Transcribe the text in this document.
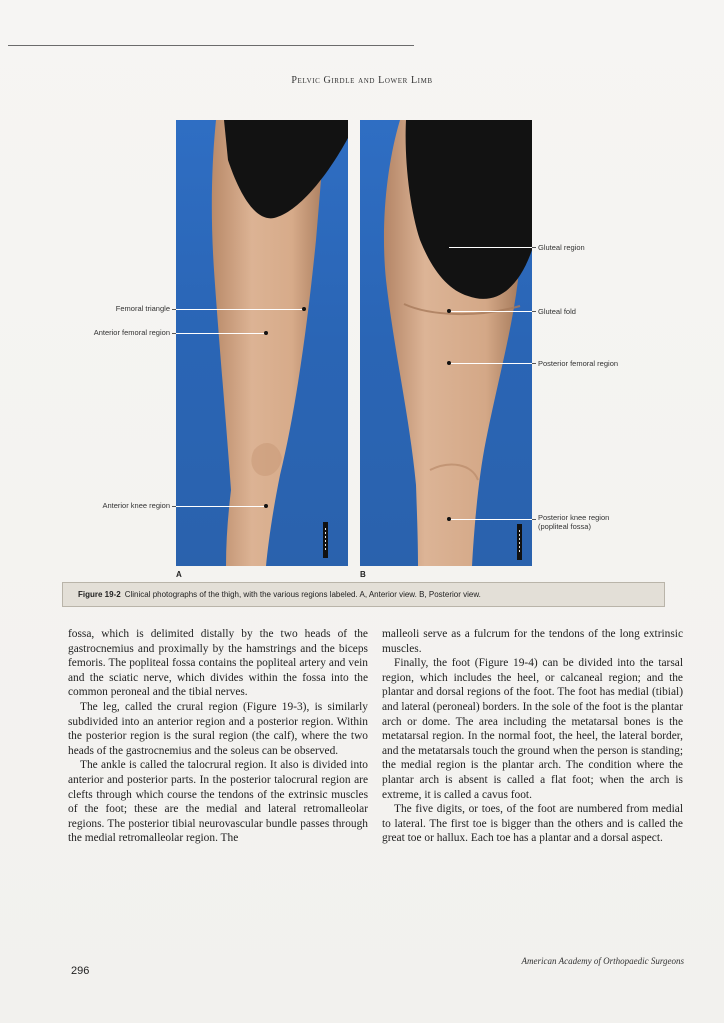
Pelvic Girdle and Lower Limb
A	B
Femoral triangle
Anterior femoral region
Anterior knee region
Gluteal region
Gluteal fold
Posterior femoral region
Posterior knee region
(popliteal fossa)
Figure 19-2 Clinical photographs of the thigh, with the various regions labeled. A, Anterior view. B, Posterior view.

fossa, which is delimited distally by the two heads of the gastrocnemius and proximally by the hamstrings and the biceps femoris. The popliteal fossa contains the popliteal artery and vein and the sciatic nerve, which divides within the fossa into the common peroneal and the tibial nerves.

The leg, called the crural region (Figure 19-3), is similarly subdivided into an anterior region and a posterior region. Within the posterior region is the sural region (the calf), where the two heads of the gastrocnemius and the soleus can be observed.

The ankle is called the talocrural region. It also is divided into anterior and posterior parts. In the posterior talocrural region are clefts through which course the tendons of the extrinsic muscles of the foot; these are the medial and lateral retromalleolar regions. The posterior tibial neurovascular bundle passes through the medial retromalleolar region. The

malleoli serve as a fulcrum for the tendons of the long extrinsic muscles.

Finally, the foot (Figure 19-4) can be divided into the tarsal region, which includes the heel, or calcaneal region; and the plantar and dorsal regions of the foot. The foot has medial (tibial) and lateral (peroneal) borders. In the sole of the foot is the plantar arch or dome. The area including the metatarsal bones is the metatarsal region. In the normal foot, the heel, the lateral border, and the metatarsals touch the ground when the person is standing; the medial region is the plantar arch. The condition where the plantar arch is absent is called a flat foot; when the arch is extreme, it is called a cavus foot.

The five digits, or toes, of the foot are numbered from medial to lateral. The first toe is bigger than the others and is called the great toe or hallux. Each toe has a plantar and a dorsal aspect.

296
American Academy of Orthopaedic Surgeons
